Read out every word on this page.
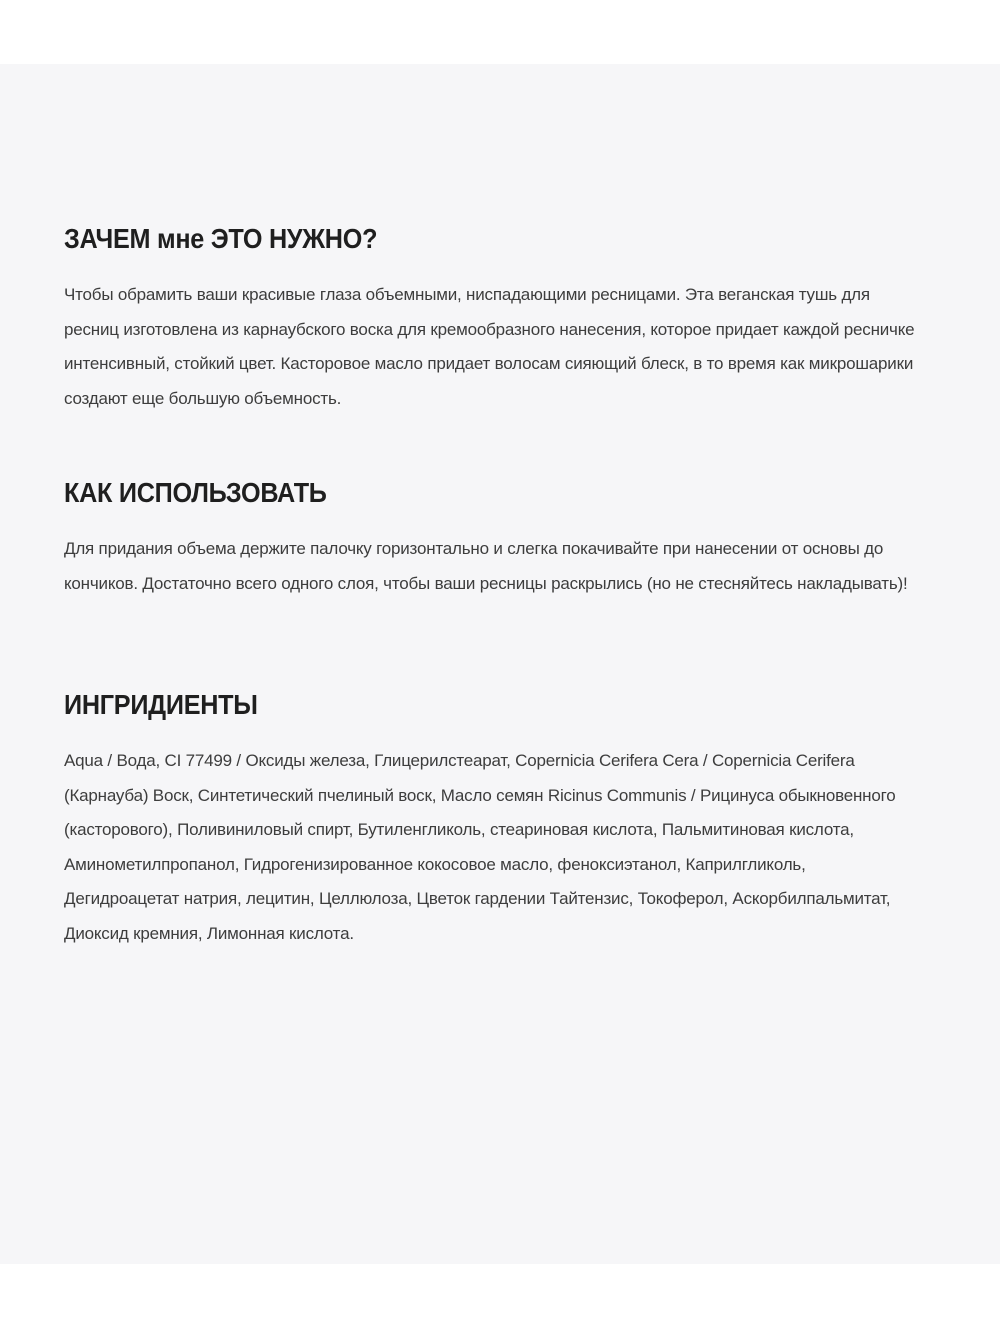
ЗАЧЕМ мне ЭТО НУЖНО?

Чтобы обрамить ваши красивые глаза объемными, ниспадающими ресницами. Эта веганская тушь для ресниц изготовлена из карнаубского воска для кремообразного нанесения, которое придает каждой ресничке интенсивный, стойкий цвет. Касторовое масло придает волосам сияющий блеск, в то время как микрошарики создают еще большую объемность.

КАК ИСПОЛЬЗОВАТЬ

Для придания объема держите палочку горизонтально и слегка покачивайте при нанесении от основы до кончиков. Достаточно всего одного слоя, чтобы ваши ресницы раскрылись (но не стесняйтесь накладывать)!

ИНГРИДИЕНТЫ

Aqua / Вода, CI 77499 / Оксиды железа, Глицерилстеарат, Copernicia Cerifera Cera / Copernicia Cerifera (Карнауба) Воск, Синтетический пчелиный воск, Масло семян Ricinus Communis / Рицинуса обыкновенного (касторового), Поливиниловый спирт, Бутиленгликоль, стеариновая кислота, Пальмитиновая кислота, Аминометилпропанол, Гидрогенизированное кокосовое масло, феноксиэтанол, Каприлгликоль, Дегидроацетат натрия, лецитин, Целлюлоза, Цветок гардении Тайтензис, Токоферол, Аскорбилпальмитат, Диоксид кремния, Лимонная кислота.
